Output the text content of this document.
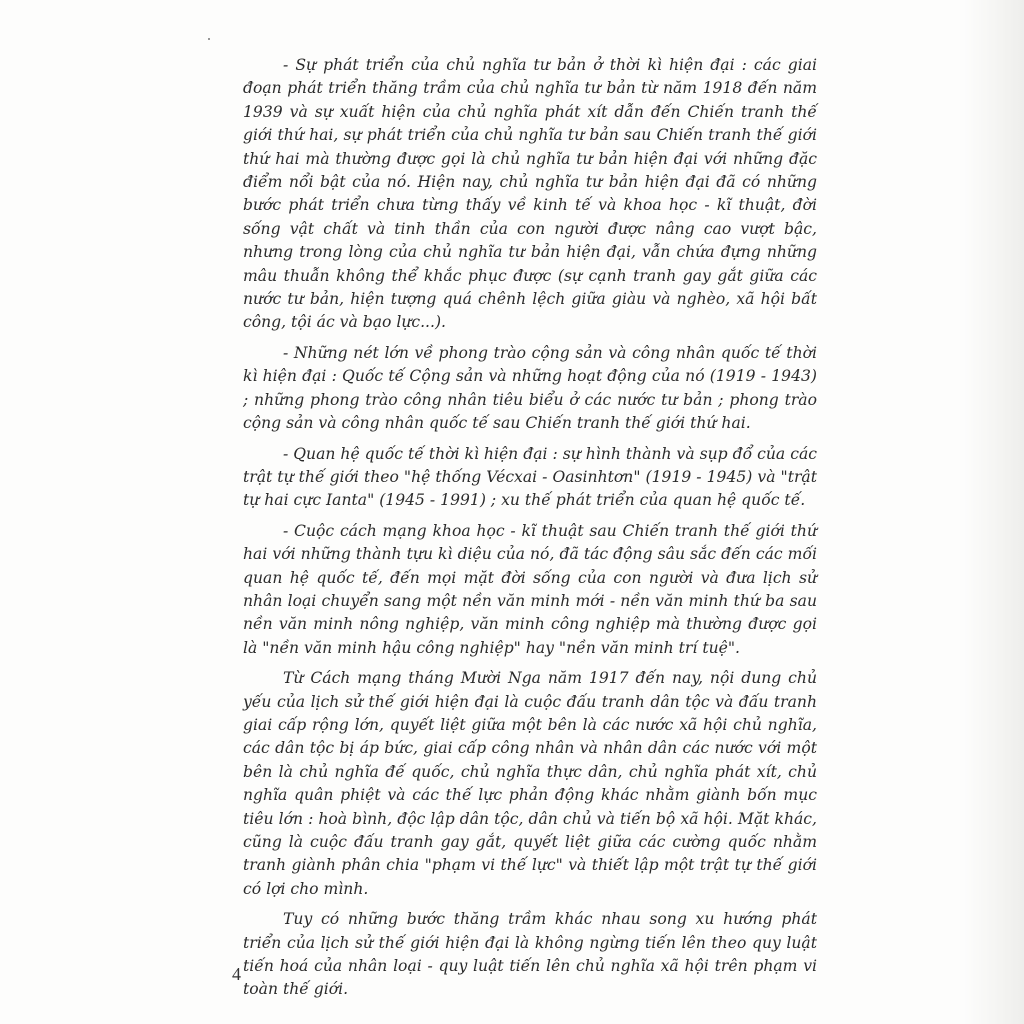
- Sự phát triển của chủ nghĩa tư bản ở thời kì hiện đại : các giai đoạn phát triển thăng trầm của chủ nghĩa tư bản từ năm 1918 đến năm 1939 và sự xuất hiện của chủ nghĩa phát xít dẫn đến Chiến tranh thế giới thứ hai, sự phát triển của chủ nghĩa tư bản sau Chiến tranh thế giới thứ hai mà thường được gọi là chủ nghĩa tư bản hiện đại với những đặc điểm nổi bật của nó. Hiện nay, chủ nghĩa tư bản hiện đại đã có những bước phát triển chưa từng thấy về kinh tế và khoa học - kĩ thuật, đời sống vật chất và tinh thần của con người được nâng cao vượt bậc, nhưng trong lòng của chủ nghĩa tư bản hiện đại, vẫn chứa đựng những mâu thuẫn không thể khắc phục được (sự cạnh tranh gay gắt giữa các nước tư bản, hiện tượng quá chênh lệch giữa giàu và nghèo, xã hội bất công, tội ác và bạo lực...).

- Những nét lớn về phong trào cộng sản và công nhân quốc tế thời kì hiện đại : Quốc tế Cộng sản và những hoạt động của nó (1919 - 1943) ; những phong trào công nhân tiêu biểu ở các nước tư bản ; phong trào cộng sản và công nhân quốc tế sau Chiến tranh thế giới thứ hai.

- Quan hệ quốc tế thời kì hiện đại : sự hình thành và sụp đổ của các trật tự thế giới theo "hệ thống Vécxai - Oasinhtơn" (1919 - 1945) và "trật tự hai cực Ianta" (1945 - 1991) ; xu thế phát triển của quan hệ quốc tế.

- Cuộc cách mạng khoa học - kĩ thuật sau Chiến tranh thế giới thứ hai với những thành tựu kì diệu của nó, đã tác động sâu sắc đến các mối quan hệ quốc tế, đến mọi mặt đời sống của con người và đưa lịch sử nhân loại chuyển sang một nền văn minh mới - nền văn minh thứ ba sau nền văn minh nông nghiệp, văn minh công nghiệp mà thường được gọi là "nền văn minh hậu công nghiệp" hay "nền văn minh trí tuệ".

Từ Cách mạng tháng Mười Nga năm 1917 đến nay, nội dung chủ yếu của lịch sử thế giới hiện đại là cuộc đấu tranh dân tộc và đấu tranh giai cấp rộng lớn, quyết liệt giữa một bên là các nước xã hội chủ nghĩa, các dân tộc bị áp bức, giai cấp công nhân và nhân dân các nước với một bên là chủ nghĩa đế quốc, chủ nghĩa thực dân, chủ nghĩa phát xít, chủ nghĩa quân phiệt và các thế lực phản động khác nhằm giành bốn mục tiêu lớn : hoà bình, độc lập dân tộc, dân chủ và tiến bộ xã hội. Mặt khác, cũng là cuộc đấu tranh gay gắt, quyết liệt giữa các cường quốc nhằm tranh giành phân chia "phạm vi thế lực" và thiết lập một trật tự thế giới có lợi cho mình.

Tuy có những bước thăng trầm khác nhau song xu hướng phát triển của lịch sử thế giới hiện đại là không ngừng tiến lên theo quy luật tiến hoá của nhân loại - quy luật tiến lên chủ nghĩa xã hội trên phạm vi toàn thế giới.

4
